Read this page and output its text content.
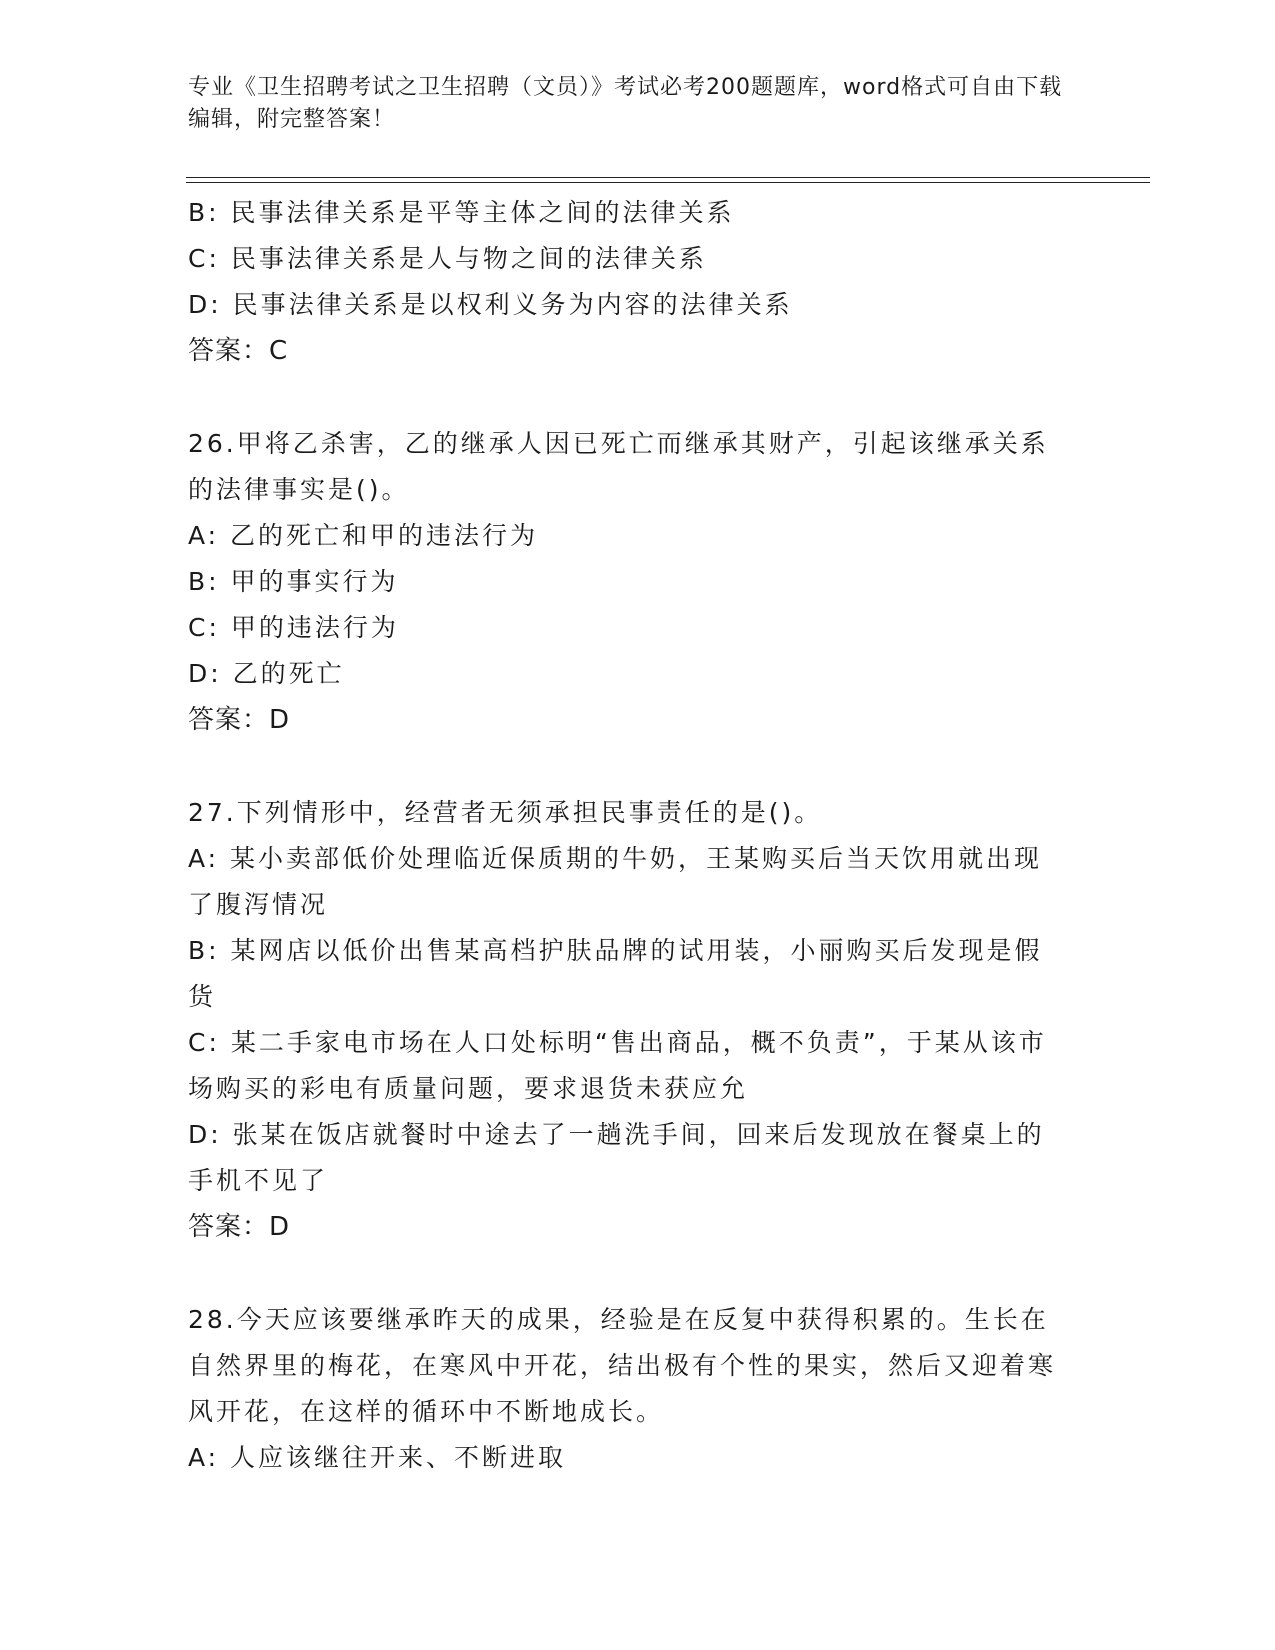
专业《卫生招聘考试之卫生招聘（文员）》考试必考200题题库，word格式可自由下载编辑，附完整答案！
B: 民事法律关系是平等主体之间的法律关系
C: 民事法律关系是人与物之间的法律关系
D: 民事法律关系是以权利义务为内容的法律关系
答案：C
26.甲将乙杀害，乙的继承人因已死亡而继承其财产，引起该继承关系的法律事实是()。
A: 乙的死亡和甲的违法行为
B: 甲的事实行为
C: 甲的违法行为
D: 乙的死亡
答案：D
27.下列情形中，经营者无须承担民事责任的是()。
A: 某小卖部低价处理临近保质期的牛奶，王某购买后当天饮用就出现了腹泻情况
B: 某网店以低价出售某高档护肤品牌的试用装，小丽购买后发现是假货
C: 某二手家电市场在人口处标明“售出商品，概不负责”，于某从该市场购买的彩电有质量问题，要求退货未获应允
D: 张某在饭店就餐时中途去了一趟洗手间，回来后发现放在餐桌上的手机不见了
答案：D
28.今天应该要继承昨天的成果，经验是在反复中获得积累的。生长在自然界里的梅花，在寒风中开花，结出极有个性的果实，然后又迎着寒风开花，在这样的循环中不断地成长。
A: 人应该继往开来、不断进取
